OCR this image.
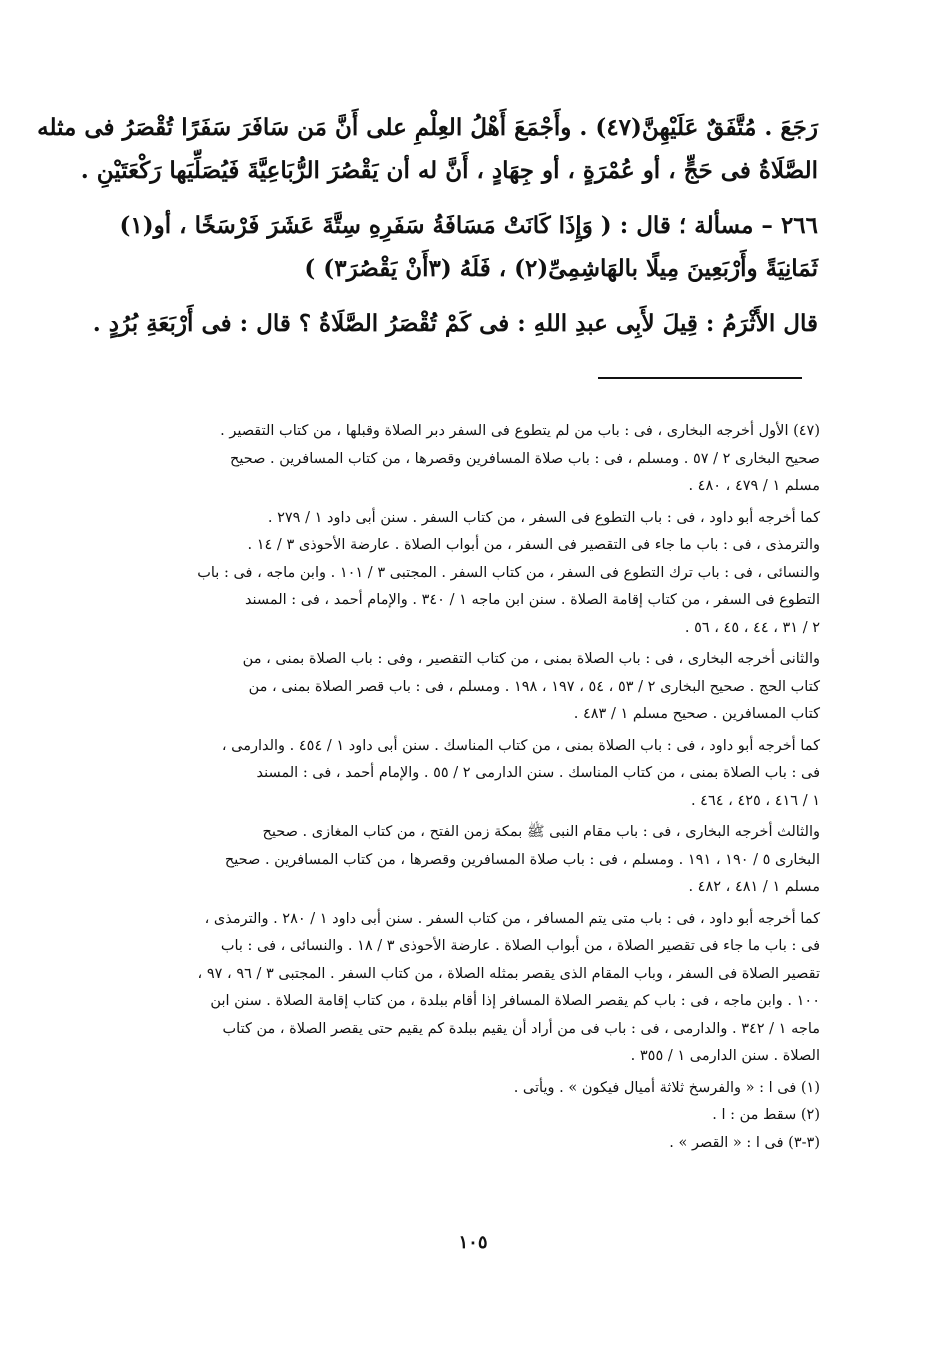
رَجَعَ . مُتَّفَقٌ عَلَيْهِنَّ(٤٧) . وأَجْمَعَ أَهْلُ العِلْمِ على أَنَّ مَن سَافَرَ سَفَرًا تُقْصَرُ فى مثله
الصَّلَاةُ فى حَجٍّ ، أو عُمْرَةٍ ، أو جِهَادٍ ، أَنَّ له أن يَقْصُرَ الرُّبَاعِيَّةَ فَيُصَلِّيَها رَكْعَتَيْنِ .
٢٦٦ – مسألة ؛ قال : ( وَإِذَا كَانَتْ مَسَافَةُ سَفَرِهِ سِتَّةَ عَشَرَ فَرْسَخًا ، أو(١)
ثَمَانِيَةً وأَرْبَعِينَ مِيلًا بالهَاشِمِىِّ(٢) ، فَلَهُ (٣أَنْ يَقْصُرَ٣) )
قال الأَثْرَمُ : قِيلَ لأَبِى عبدِ اللهِ : فى كَمْ تُقْصَرُ الصَّلَاةُ ؟ قال : فى أَرْبَعَةِ بُرُدٍ .
(٤٧) الأول أخرجه البخارى ، فى : باب من لم يتطوع فى السفر دبر الصلاة وقبلها ، من كتاب التقصير .
صحيح البخارى ٢ / ٥٧ . ومسلم ، فى : باب صلاة المسافرين وقصرها ، من كتاب المسافرين . صحيح
مسلم ١ / ٤٧٩ ، ٤٨٠ .
كما أخرجه أبو داود ، فى : باب التطوع فى السفر ، من كتاب السفر . سنن أبى داود ١ / ٢٧٩ .
والترمذى ، فى : باب ما جاء فى التقصير فى السفر ، من أبواب الصلاة . عارضة الأحوذى ٣ / ١٤ .
والنسائى ، فى : باب ترك التطوع فى السفر ، من كتاب السفر . المجتبى ٣ / ١٠١ . وابن ماجه ، فى : باب
التطوع فى السفر ، من كتاب إقامة الصلاة . سنن ابن ماجه ١ / ٣٤٠ . والإمام أحمد ، فى : المسند
٢ / ٣١ ، ٤٤ ، ٤٥ ، ٥٦ .
والثانى أخرجه البخارى ، فى : باب الصلاة بمنى ، من كتاب التقصير ، وفى : باب الصلاة بمنى ، من
كتاب الحج . صحيح البخارى ٢ / ٥٣ ، ٥٤ ، ١٩٧ ، ١٩٨ . ومسلم ، فى : باب قصر الصلاة بمنى ، من
كتاب المسافرين . صحيح مسلم ١ / ٤٨٣ .
كما أخرجه أبو داود ، فى : باب الصلاة بمنى ، من كتاب المناسك . سنن أبى داود ١ / ٤٥٤ . والدارمى ،
فى : باب الصلاة بمنى ، من كتاب المناسك . سنن الدارمى ٢ / ٥٥ . والإمام أحمد ، فى : المسند
١ / ٤١٦ ، ٤٢٥ ، ٤٦٤ .
والثالث أخرجه البخارى ، فى : باب مقام النبى ﷺ بمكة زمن الفتح ، من كتاب المغازى . صحيح
البخارى ٥ / ١٩٠ ، ١٩١ . ومسلم ، فى : باب صلاة المسافرين وقصرها ، من كتاب المسافرين . صحيح
مسلم ١ / ٤٨١ ، ٤٨٢ .
كما أخرجه أبو داود ، فى : باب متى يتم المسافر ، من كتاب السفر . سنن أبى داود ١ / ٢٨٠ . والترمذى ،
فى : باب ما جاء فى تقصير الصلاة ، من أبواب الصلاة . عارضة الأحوذى ٣ / ١٨ . والنسائى ، فى : باب
تقصير الصلاة فى السفر ، وباب المقام الذى يقصر بمثله الصلاة ، من كتاب السفر . المجتبى ٣ / ٩٦ ، ٩٧ ،
١٠٠ . وابن ماجه ، فى : باب كم يقصر الصلاة المسافر إذا أقام ببلدة ، من كتاب إقامة الصلاة . سنن ابن
ماجه ١ / ٣٤٢ . والدارمى ، فى : باب فى من أراد أن يقيم ببلدة كم يقيم حتى يقصر الصلاة ، من كتاب
الصلاة . سنن الدارمى ١ / ٣٥٥ .
(١) فى ا : « والفرسخ ثلاثة أميال فيكون » . ويأتى .
(٢) سقط من : ا .
(٣-٣) فى ا : « القصر » .
١٠٥
